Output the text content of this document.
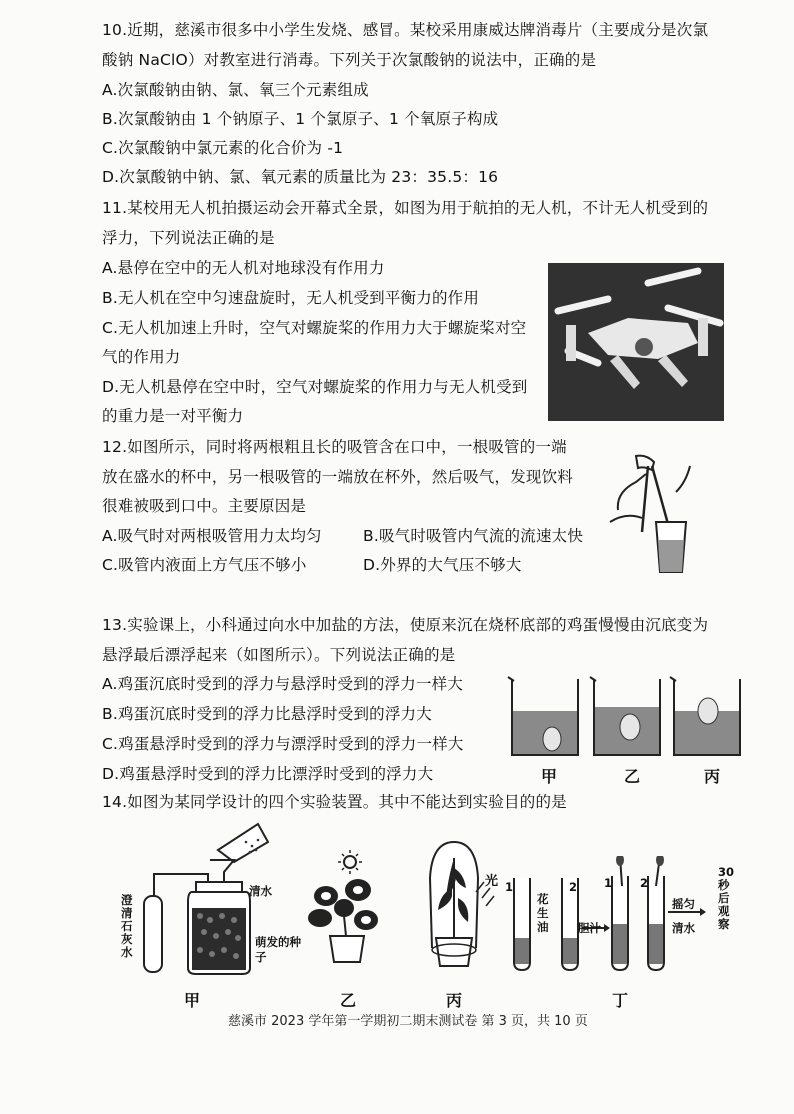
10.近期，慈溪市很多中小学生发烧、感冒。某校采用康威达牌消毒片（主要成分是次氯
酸钠 NaClO）对教室进行消毒。下列关于次氯酸钠的说法中，正确的是
A.次氯酸钠由钠、氯、氧三个元素组成
B.次氯酸钠由 1 个钠原子、1 个氯原子、1 个氧原子构成
C.次氯酸钠中氯元素的化合价为 -1
D.次氯酸钠中钠、氯、氧元素的质量比为 23：35.5：16
11.某校用无人机拍摄运动会开幕式全景，如图为用于航拍的无人机，不计无人机受到的
浮力，下列说法正确的是
A.悬停在空中的无人机对地球没有作用力
B.无人机在空中匀速盘旋时，无人机受到平衡力的作用
C.无人机加速上升时，空气对螺旋桨的作用力大于螺旋桨对空
气的作用力
D.无人机悬停在空中时，空气对螺旋桨的作用力与无人机受到
的重力是一对平衡力
12.如图所示，同时将两根粗且长的吸管含在口中，一根吸管的一端
放在盛水的杯中，另一根吸管的一端放在杯外，然后吸气，发现饮料
很难被吸到口中。主要原因是
A.吸气时对两根吸管用力太均匀	B.吸气时吸管内气流的流速太快
C.吸管内液面上方气压不够小	D.外界的大气压不够大
13.实验课上，小科通过向水中加盐的方法，使原来沉在烧杯底部的鸡蛋慢慢由沉底变为
悬浮最后漂浮起来（如图所示）。下列说法正确的是
A.鸡蛋沉底时受到的浮力与悬浮时受到的浮力一样大
B.鸡蛋沉底时受到的浮力比悬浮时受到的浮力大
C.鸡蛋悬浮时受到的浮力与漂浮时受到的浮力一样大
D.鸡蛋悬浮时受到的浮力比漂浮时受到的浮力大	甲	乙	丙
14.如图为某同学设计的四个实验装置。其中不能达到实验目的的是
澄清石灰水
清水
萌发的种子
光 1	2 1 2
花生油	胆汁	清水
摇匀
30秒后观察
甲	乙	丙	丁
慈溪市 2023 学年第一学期初二期末测试卷 第 3 页，共 10 页
